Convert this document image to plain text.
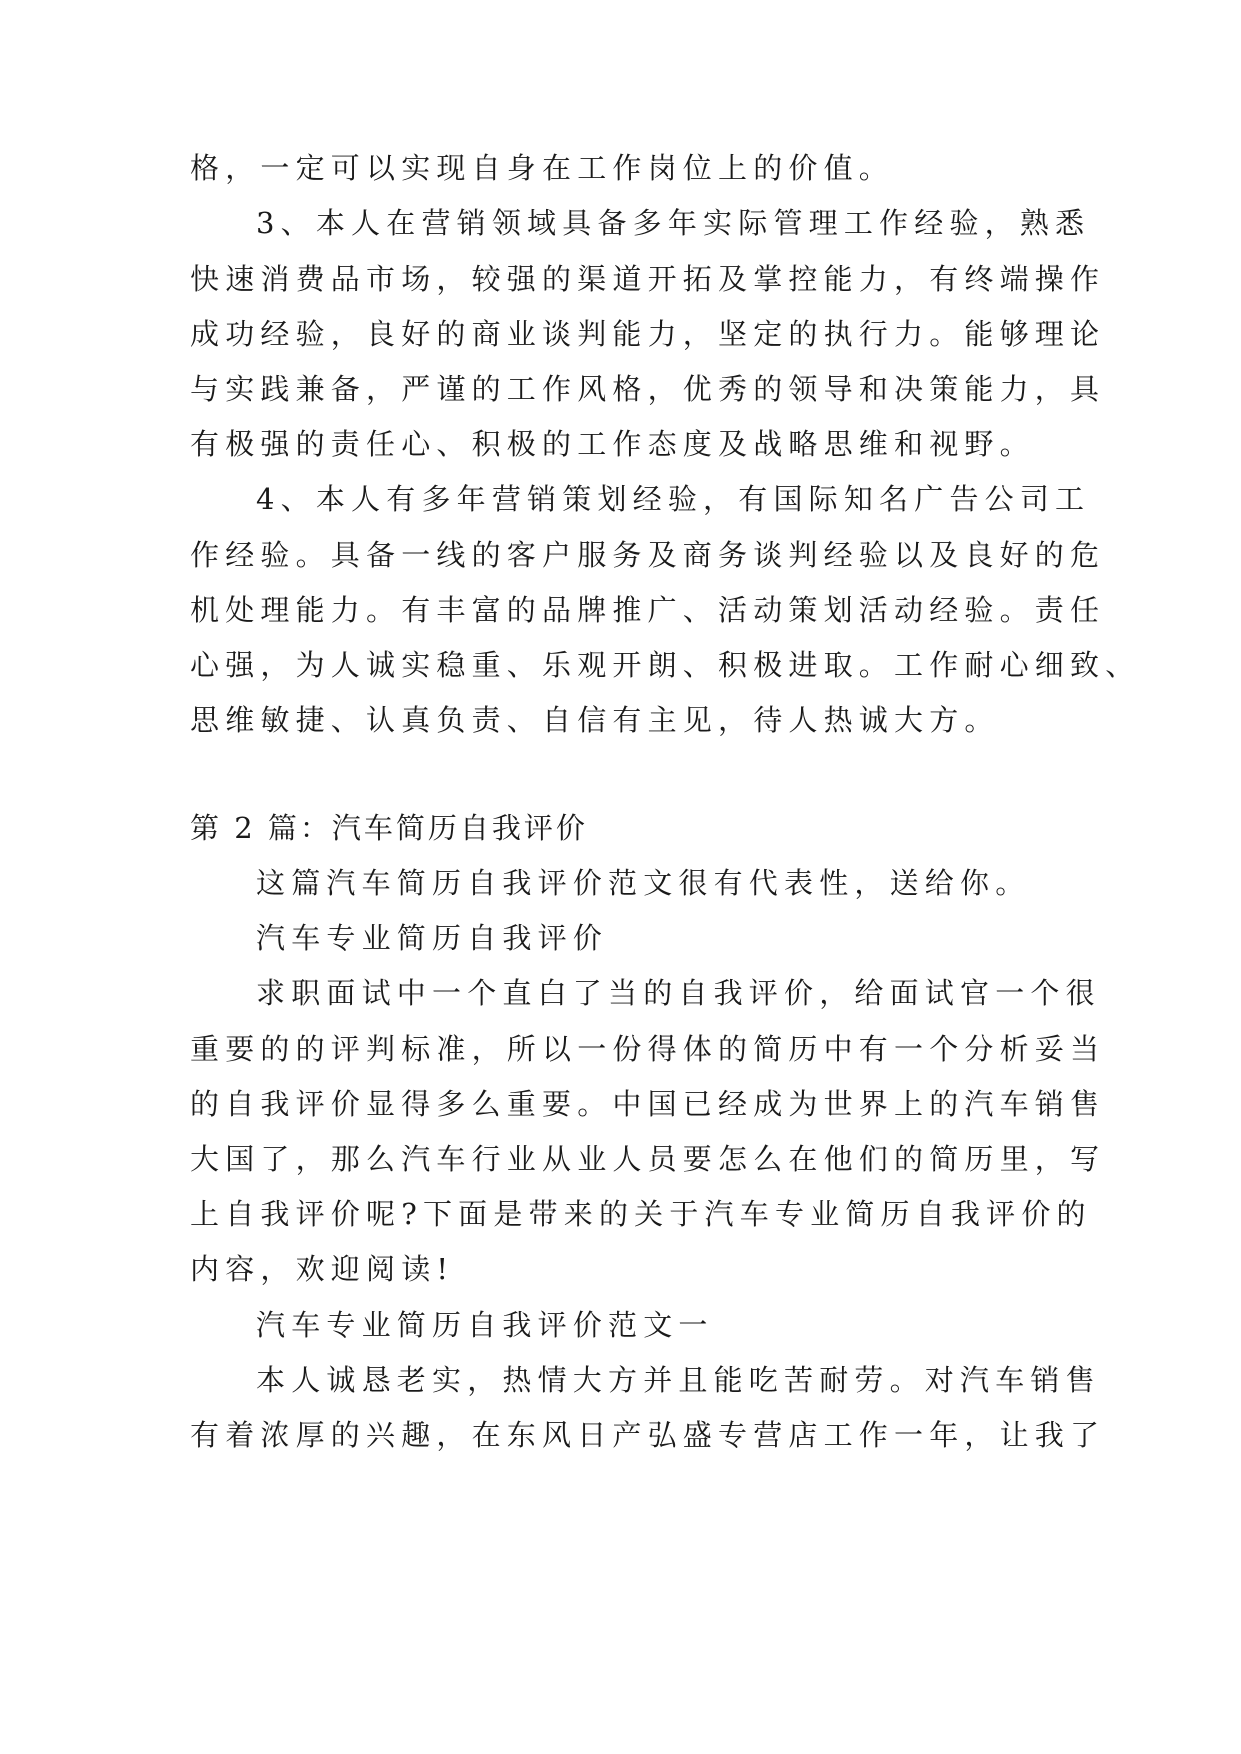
格，一定可以实现自身在工作岗位上的价值。
3、本人在营销领域具备多年实际管理工作经验，熟悉
快速消费品市场，较强的渠道开拓及掌控能力，有终端操作
成功经验，良好的商业谈判能力，坚定的执行力。能够理论
与实践兼备，严谨的工作风格，优秀的领导和决策能力，具
有极强的责任心、积极的工作态度及战略思维和视野。
4、本人有多年营销策划经验，有国际知名广告公司工
作经验。具备一线的客户服务及商务谈判经验以及良好的危
机处理能力。有丰富的品牌推广、活动策划活动经验。责任
心强，为人诚实稳重、乐观开朗、积极进取。工作耐心细致、
思维敏捷、认真负责、自信有主见，待人热诚大方。
第 2 篇：汽车简历自我评价
这篇汽车简历自我评价范文很有代表性，送给你。
汽车专业简历自我评价
求职面试中一个直白了当的自我评价，给面试官一个很
重要的的评判标准，所以一份得体的简历中有一个分析妥当
的自我评价显得多么重要。中国已经成为世界上的汽车销售
大国了，那么汽车行业从业人员要怎么在他们的简历里，写
上自我评价呢?下面是带来的关于汽车专业简历自我评价的
内容，欢迎阅读!
汽车专业简历自我评价范文一
本人诚恳老实，热情大方并且能吃苦耐劳。对汽车销售
有着浓厚的兴趣，在东风日产弘盛专营店工作一年，让我了
